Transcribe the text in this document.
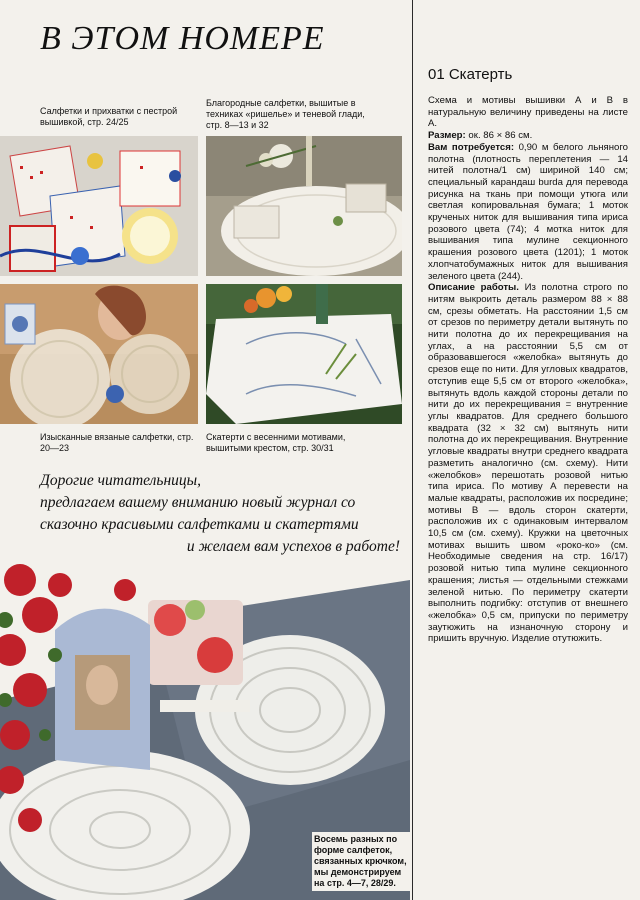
В ЭТОМ НОМЕРЕ
Салфетки и прихватки с пестрой вышивкой, стр. 24/25
Благородные салфетки, вышитые в техниках «ришелье» и теневой глади, стр. 8—13 и 32
Изысканные вязаные салфетки, стр. 20—23
Скатерти с весенними мотивами, вышитыми крестом, стр. 30/31
Дорогие читательницы,
предлагаем вашему вниманию новый журнал со
сказочно красивыми салфетками и скатертями
и желаем вам успехов в работе!
Восемь разных по форме салфеток, связанных крючком, мы демонстрируем на стр. 4—7, 28/29.
01 Скатерть

Схема и мотивы вышивки А и В в натуральную величину приведены на листе А.

Размер: ок. 86 × 86 см.

Вам потребуется: 0,90 м белого льняного полотна (плотность переплетения — 14 нитей полотна/1 см) шириной 140 см; специальный карандаш burda для перевода рисунка на ткань при помощи утюга или светлая копировальная бумага; 1 моток крученых ниток для вышивания типа ириса розового цвета (74); 4 мотка ниток для вышивания типа мулине секционного крашения розового цвета (1201); 1 моток хлопчатобумажных ниток для вышивания зеленого цвета (244).

Описание работы. Из полотна строго по нитям выкроить деталь размером 88 × 88 см, срезы обметать. На расстоянии 1,5 см от срезов по периметру детали вытянуть по нити полотна до их перекрещивания на углах, а на расстоянии 5,5 см от образовавшегося «желобка» вытянуть до срезов еще по нити. Для угловых квадратов, отступив еще 5,5 см от второго «желобка», вытянуть вдоль каждой стороны детали по нити до их перекрещивания = внутренние углы квадратов. Для среднего большого квадрата (32 × 32 см) вытянуть нити полотна до их перекрещивания. Внутренние угловые квадраты внутри среднего квадрата разметить аналогично (см. схему). Нити «желобков» перешотать розовой нитью типа ириса. По мотиву А перевести на малые квадраты, расположив их посредине; мотивы В — вдоль сторон скатерти, расположив их с одинаковым интервалом 10,5 см (см. схему). Кружки на цветочных мотивах вышить швом «роко-ко» (см. Необходимые сведения на стр. 16/17) розовой нитью типа мулине секционного крашения; листья — отдельными стежками зеленой нитью. По периметру скатерти выполнить подгибку: отступив от внешнего «желобка» 0,5 см, припуски по периметру заутюжить на изнаночную сторону и пришить вручную. Изделие отутюжить.
